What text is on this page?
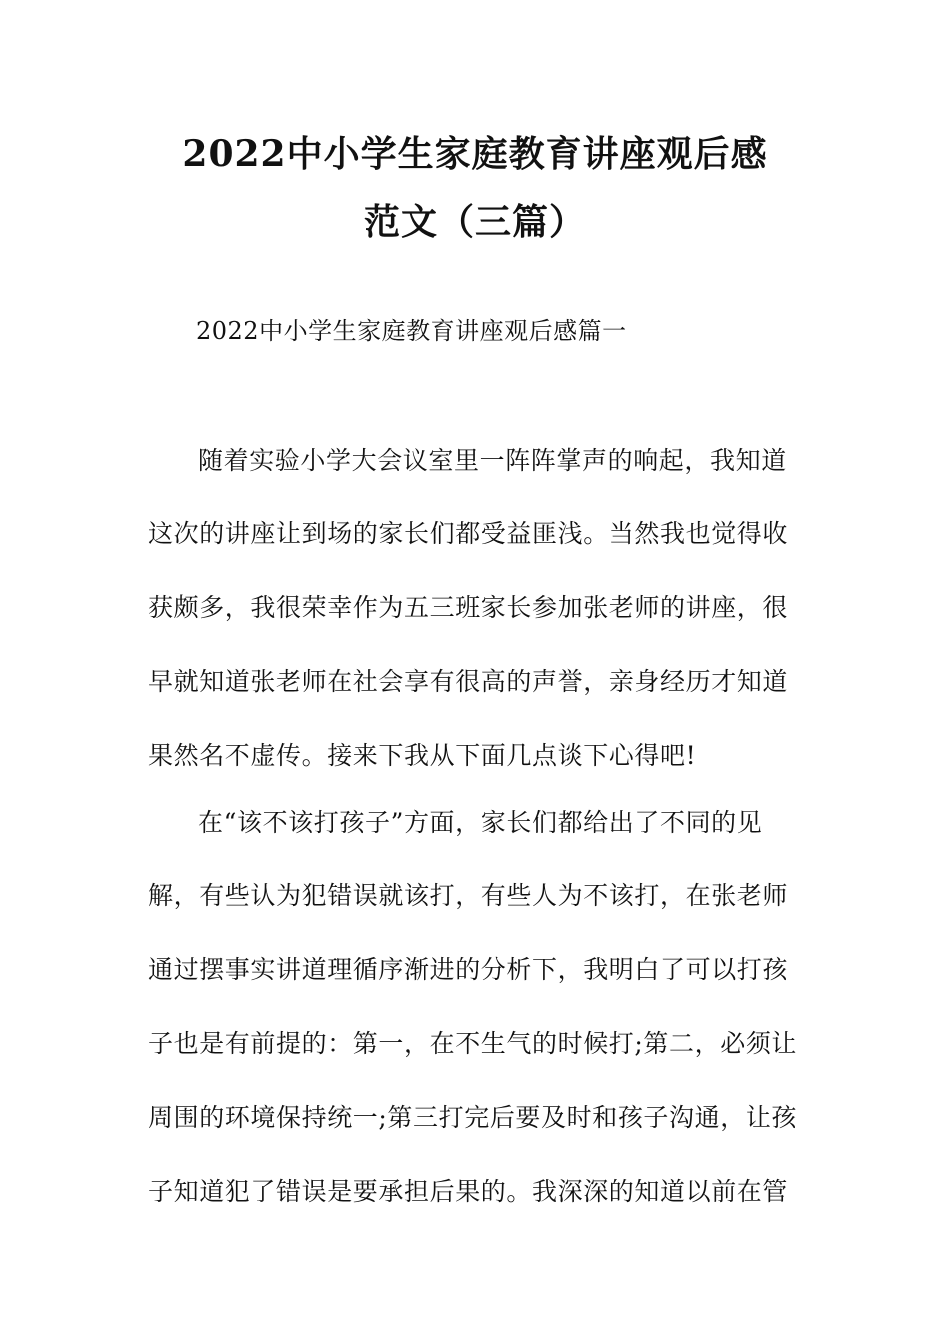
2022中小学生家庭教育讲座观后感
范文（三篇）
2022中小学生家庭教育讲座观后感篇一
随着实验小学大会议室里一阵阵掌声的响起，我知道
这次的讲座让到场的家长们都受益匪浅。当然我也觉得收
获颇多，我很荣幸作为五三班家长参加张老师的讲座，很
早就知道张老师在社会享有很高的声誉，亲身经历才知道
果然名不虚传。接来下我从下面几点谈下心得吧!
在“该不该打孩子”方面，家长们都给出了不同的见
解，有些认为犯错误就该打，有些人为不该打，在张老师
通过摆事实讲道理循序渐进的分析下，我明白了可以打孩
子也是有前提的：第一，在不生气的时候打;第二，必须让
周围的环境保持统一;第三打完后要及时和孩子沟通，让孩
子知道犯了错误是要承担后果的。我深深的知道以前在管
